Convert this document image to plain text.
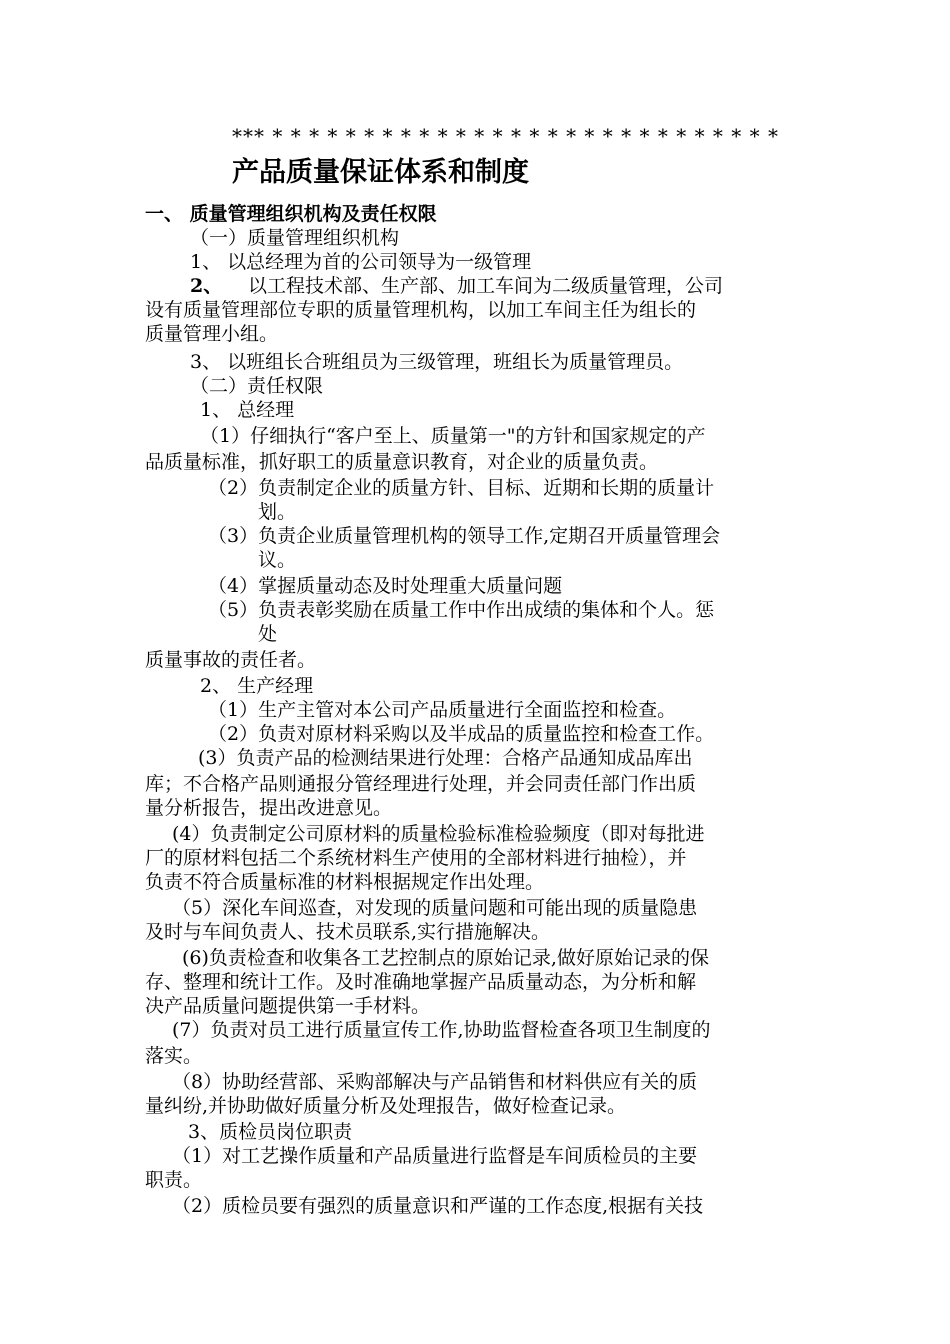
*** * * * * * * * * * * * * * * * * * * * * * * * * * * * *
产品质量保证体系和制度
一、 质量管理组织机构及责任权限
（一）质量管理组织机构
1、 以总经理为首的公司领导为一级管理
2、 以工程技术部、生产部、加工车间为二级质量管理，公司
设有质量管理部位专职的质量管理机构，以加工车间主任为组长的
质量管理小组。
3、 以班组长合班组员为三级管理，班组长为质量管理员。
（二）责任权限
1、 总经理
（1）仔细执行“客户至上、质量第一"的方针和国家规定的产
品质量标准，抓好职工的质量意识教育，对企业的质量负责。
（2）负责制定企业的质量方针、目标、近期和长期的质量计
划。
（3）负责企业质量管理机构的领导工作,定期召开质量管理会
议。
（4）掌握质量动态及时处理重大质量问题
（5）负责表彰奖励在质量工作中作出成绩的集体和个人。惩
处
质量事故的责任者。
2、 生产经理
（1）生产主管对本公司产品质量进行全面监控和检查。
（2）负责对原材料采购以及半成品的质量监控和检查工作。
(3）负责产品的检测结果进行处理：合格产品通知成品库出
库；不合格产品则通报分管经理进行处理，并会同责任部门作出质
量分析报告，提出改进意见。
(4）负责制定公司原材料的质量检验标准检验频度（即对每批进
厂的原材料包括二个系统材料生产使用的全部材料进行抽检），并
负责不符合质量标准的材料根据规定作出处理。
（5）深化车间巡查，对发现的质量问题和可能出现的质量隐患
及时与车间负责人、技术员联系,实行措施解决。
(6)负责检查和收集各工艺控制点的原始记录,做好原始记录的保
存、整理和统计工作。及时准确地掌握产品质量动态，为分析和解
决产品质量问题提供第一手材料。
(7）负责对员工进行质量宣传工作,协助监督检查各项卫生制度的
落实。
（8）协助经营部、采购部解决与产品销售和材料供应有关的质
量纠纷,并协助做好质量分析及处理报告，做好检查记录。
3、质检员岗位职责
（1）对工艺操作质量和产品质量进行监督是车间质检员的主要
职责。
（2）质检员要有强烈的质量意识和严谨的工作态度,根据有关技
